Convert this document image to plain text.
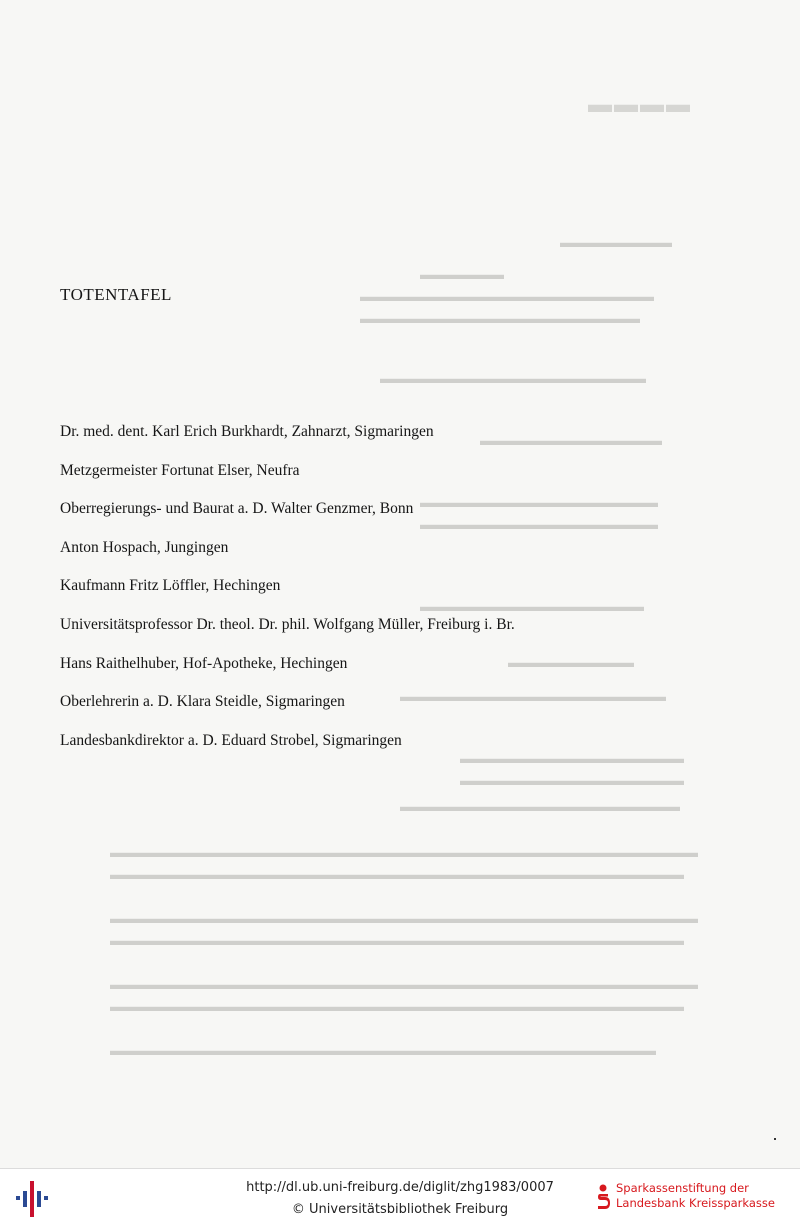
▬▬▬▬
▬▬▬▬▬▬▬▬
▬▬▬▬▬▬
▬▬▬▬▬▬▬▬▬▬▬▬▬▬▬▬▬▬▬▬▬
▬▬▬▬▬▬▬▬▬▬▬▬▬▬▬▬▬▬▬▬
▬▬▬▬▬▬▬▬▬▬▬▬▬▬▬▬▬▬▬
▬▬▬▬▬▬▬▬▬▬▬▬▬
▬▬▬▬▬▬▬▬▬▬▬▬▬▬▬▬▬
▬▬▬▬▬▬▬▬▬▬▬▬▬▬▬▬▬
▬▬▬▬▬▬▬▬▬▬▬▬▬▬▬▬
▬▬▬▬▬▬▬▬▬
▬▬▬▬▬▬▬▬▬▬▬▬▬▬▬▬▬▬▬
▬▬▬▬▬▬▬▬▬▬▬▬▬▬▬▬
▬▬▬▬▬▬▬▬▬▬▬▬▬▬▬▬
▬▬▬▬▬▬▬▬▬▬▬▬▬▬▬▬▬▬▬▬
▬▬▬▬▬▬▬▬▬▬▬▬▬▬▬▬▬▬▬▬▬▬▬▬▬▬▬▬▬▬▬▬▬▬▬▬▬▬▬▬▬▬
▬▬▬▬▬▬▬▬▬▬▬▬▬▬▬▬▬▬▬▬▬▬▬▬▬▬▬▬▬▬▬▬▬▬▬▬▬▬▬▬▬
▬▬▬▬▬▬▬▬▬▬▬▬▬▬▬▬▬▬▬▬▬▬▬▬▬▬▬▬▬▬▬▬▬▬▬▬▬▬▬▬▬▬
▬▬▬▬▬▬▬▬▬▬▬▬▬▬▬▬▬▬▬▬▬▬▬▬▬▬▬▬▬▬▬▬▬▬▬▬▬▬▬▬▬
▬▬▬▬▬▬▬▬▬▬▬▬▬▬▬▬▬▬▬▬▬▬▬▬▬▬▬▬▬▬▬▬▬▬▬▬▬▬▬▬▬▬
▬▬▬▬▬▬▬▬▬▬▬▬▬▬▬▬▬▬▬▬▬▬▬▬▬▬▬▬▬▬▬▬▬▬▬▬▬▬▬▬▬
▬▬▬▬▬▬▬▬▬▬▬▬▬▬▬▬▬▬▬▬▬▬▬▬▬▬▬▬▬▬▬▬▬▬▬▬▬▬▬
TOTENTAFEL
Dr. med. dent. Karl Erich Burkhardt, Zahnarzt, Sigmaringen
Metzgermeister Fortunat Elser, Neufra
Oberregierungs- und Baurat a. D. Walter Genzmer, Bonn
Anton Hospach, Jungingen
Kaufmann Fritz Löffler, Hechingen
Universitätsprofessor Dr. theol. Dr. phil. Wolfgang Müller, Freiburg i. Br.
Hans Raithelhuber, Hof-Apotheke, Hechingen
Oberlehrerin a. D. Klara Steidle, Sigmaringen
Landesbankdirektor a. D. Eduard Strobel, Sigmaringen
http://dl.ub.uni-freiburg.de/diglit/zhg1983/0007
© Universitätsbibliothek Freiburg
Sparkassenstiftung der
Landesbank Kreissparkasse
